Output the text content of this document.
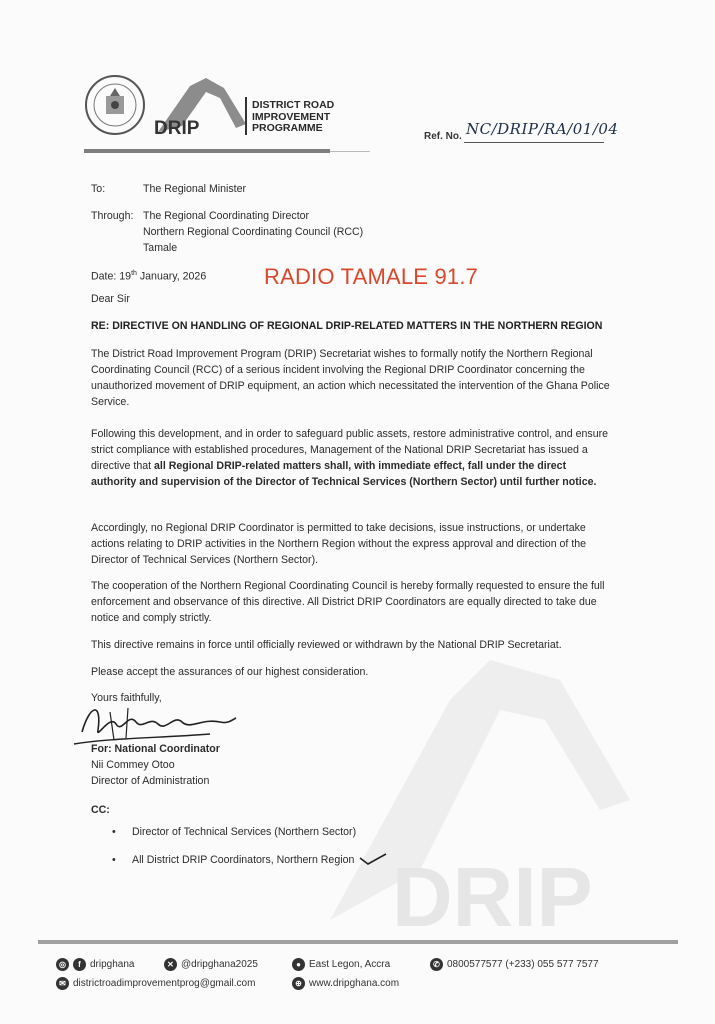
DRIP
DRIP
DISTRICT ROAD
IMPROVEMENT
PROGRAMME
Ref. No. NC/DRIP/RA/01/04
To:	The Regional Minister
Through: The Regional Coordinating Director
Northern Regional Coordinating Council (RCC)
Tamale
Date: 19th January, 2026	RADIO TAMALE 91.7
Dear Sir
RE: DIRECTIVE ON HANDLING OF REGIONAL DRIP-RELATED MATTERS IN THE NORTHERN REGION
The District Road Improvement Program (DRIP) Secretariat wishes to formally notify the Northern Regional Coordinating Council (RCC) of a serious incident involving the Regional DRIP Coordinator concerning the unauthorized movement of DRIP equipment, an action which necessitated the intervention of the Ghana Police Service.
Following this development, and in order to safeguard public assets, restore administrative control, and ensure strict compliance with established procedures, Management of the National DRIP Secretariat has issued a directive that all Regional DRIP-related matters shall, with immediate effect, fall under the direct authority and supervision of the Director of Technical Services (Northern Sector) until further notice.
Accordingly, no Regional DRIP Coordinator is permitted to take decisions, issue instructions, or undertake actions relating to DRIP activities in the Northern Region without the express approval and direction of the Director of Technical Services (Northern Sector).
The cooperation of the Northern Regional Coordinating Council is hereby formally requested to ensure the full enforcement and observance of this directive. All District DRIP Coordinators are equally directed to take due notice and comply strictly.
This directive remains in force until officially reviewed or withdrawn by the National DRIP Secretariat.
Please accept the assurances of our highest consideration.
Yours faithfully,
For: National Coordinator
Nii Commey Otoo
Director of Administration
CC:
• Director of Technical Services (Northern Sector)
• All District DRIP Coordinators, Northern Region
◎	f dripghana	✕ @dripghana2025
✉ districtroadimprovementprog@gmail.com
● East Legon, Accra
⊕ www.dripghana.com
✆ 0800577577 (+233) 055 577 7577
